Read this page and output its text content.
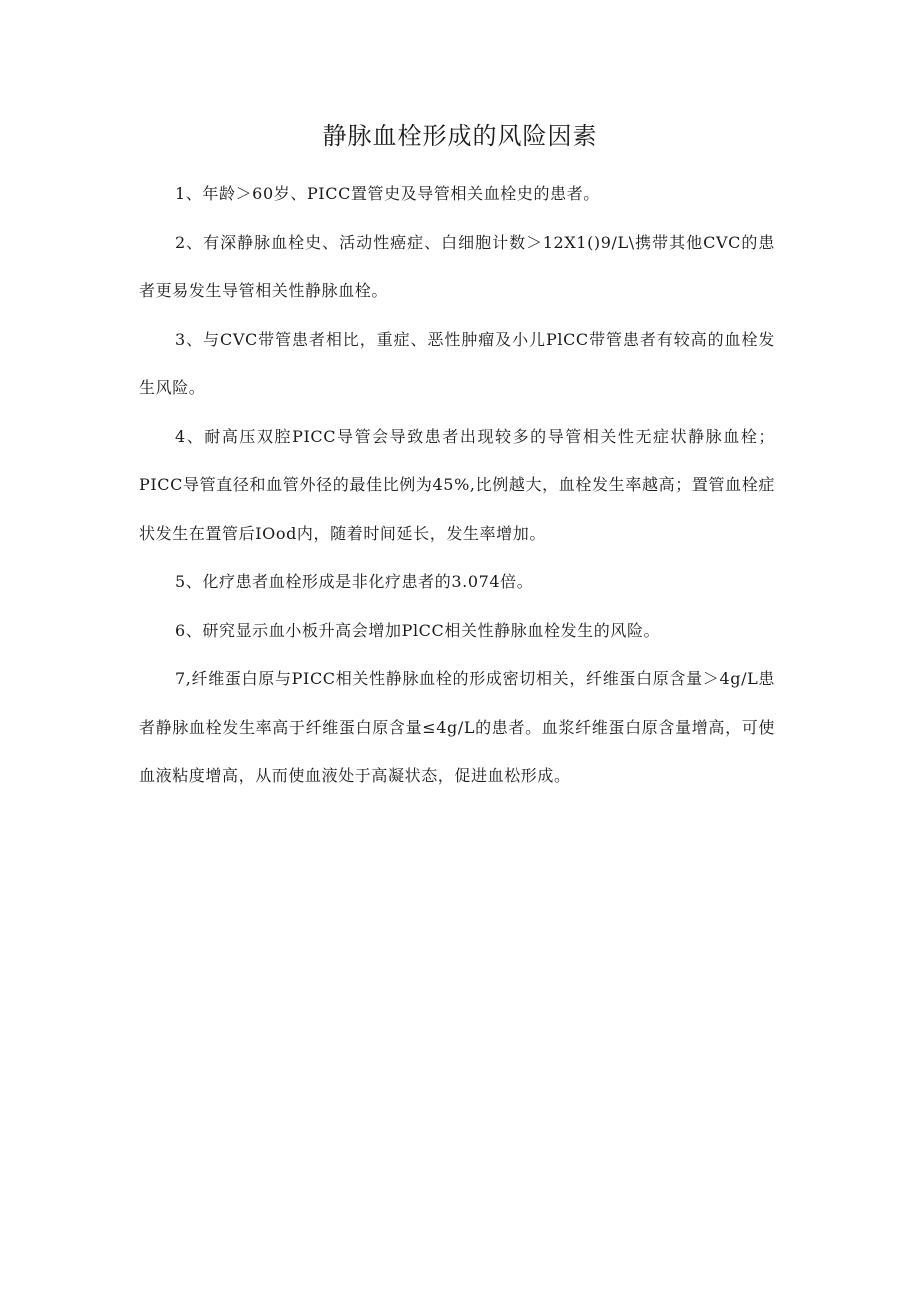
静脉血栓形成的风险因素

1、年龄＞60岁、PICC置管史及导管相关血栓史的患者。

2、有深静脉血栓史、活动性癌症、白细胞计数＞12X1()9/L\携带其他CVC的患者更易发生导管相关性静脉血栓。

3、与CVC带管患者相比，重症、恶性肿瘤及小儿PlCC带管患者有较高的血栓发生风险。

4、耐高压双腔PICC导管会导致患者出现较多的导管相关性无症状静脉血栓；PICC导管直径和血管外径的最佳比例为45%,比例越大，血栓发生率越高；置管血栓症状发生在置管后IOod内，随着时间延长，发生率增加。

5、化疗患者血栓形成是非化疗患者的3.074倍。

6、研究显示血小板升高会增加PlCC相关性静脉血栓发生的风险。

7,纤维蛋白原与PICC相关性静脉血栓的形成密切相关，纤维蛋白原含量＞4g/L患者静脉血栓发生率高于纤维蛋白原含量≤4g/L的患者。血浆纤维蛋白原含量增高，可使血液粘度增高，从而使血液处于高凝状态，促进血松形成。
